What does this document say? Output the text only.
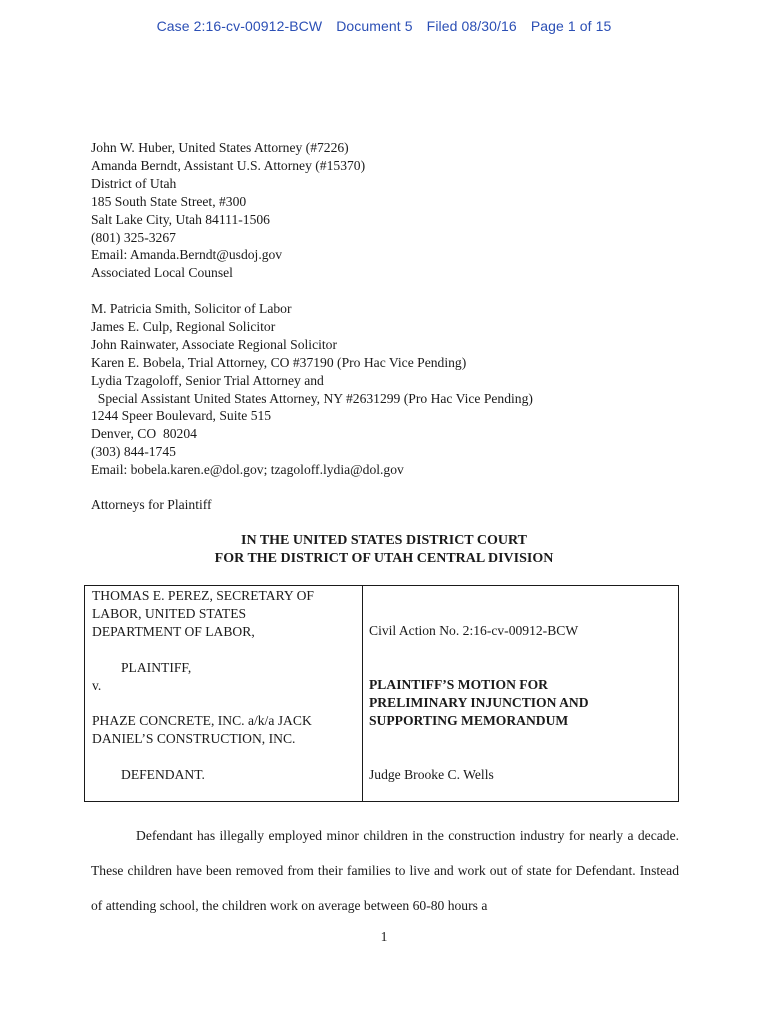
Case 2:16-cv-00912-BCW Document 5 Filed 08/30/16 Page 1 of 15
John W. Huber, United States Attorney (#7226)
Amanda Berndt, Assistant U.S. Attorney (#15370)
District of Utah
185 South State Street, #300
Salt Lake City, Utah 84111-1506
(801) 325-3267
Email: Amanda.Berndt@usdoj.gov
Associated Local Counsel
M. Patricia Smith, Solicitor of Labor
James E. Culp, Regional Solicitor
John Rainwater, Associate Regional Solicitor
Karen E. Bobela, Trial Attorney, CO #37190 (Pro Hac Vice Pending)
Lydia Tzagoloff, Senior Trial Attorney and
Special Assistant United States Attorney, NY #2631299 (Pro Hac Vice Pending)
1244 Speer Boulevard, Suite 515
Denver, CO  80204
(303) 844-1745
Email: bobela.karen.e@dol.gov; tzagoloff.lydia@dol.gov
Attorneys for Plaintiff
IN THE UNITED STATES DISTRICT COURT
FOR THE DISTRICT OF UTAH CENTRAL DIVISION
THOMAS E. PEREZ, SECRETARY OF
LABOR, UNITED STATES
DEPARTMENT OF LABOR,
PLAINTIFF,
v.
PHAZE CONCRETE, INC. a/k/a JACK
DANIEL’S CONSTRUCTION, INC.
DEFENDANT.

Civil Action No. 2:16-cv-00912-BCW
PLAINTIFF’S MOTION FOR
PRELIMINARY INJUNCTION AND
SUPPORTING MEMORANDUM
Judge Brooke C. Wells

Defendant has illegally employed minor children in the construction industry for nearly a decade. These children have been removed from their families to live and work out of state for Defendant. Instead of attending school, the children work on average between 60-80 hours a

1
